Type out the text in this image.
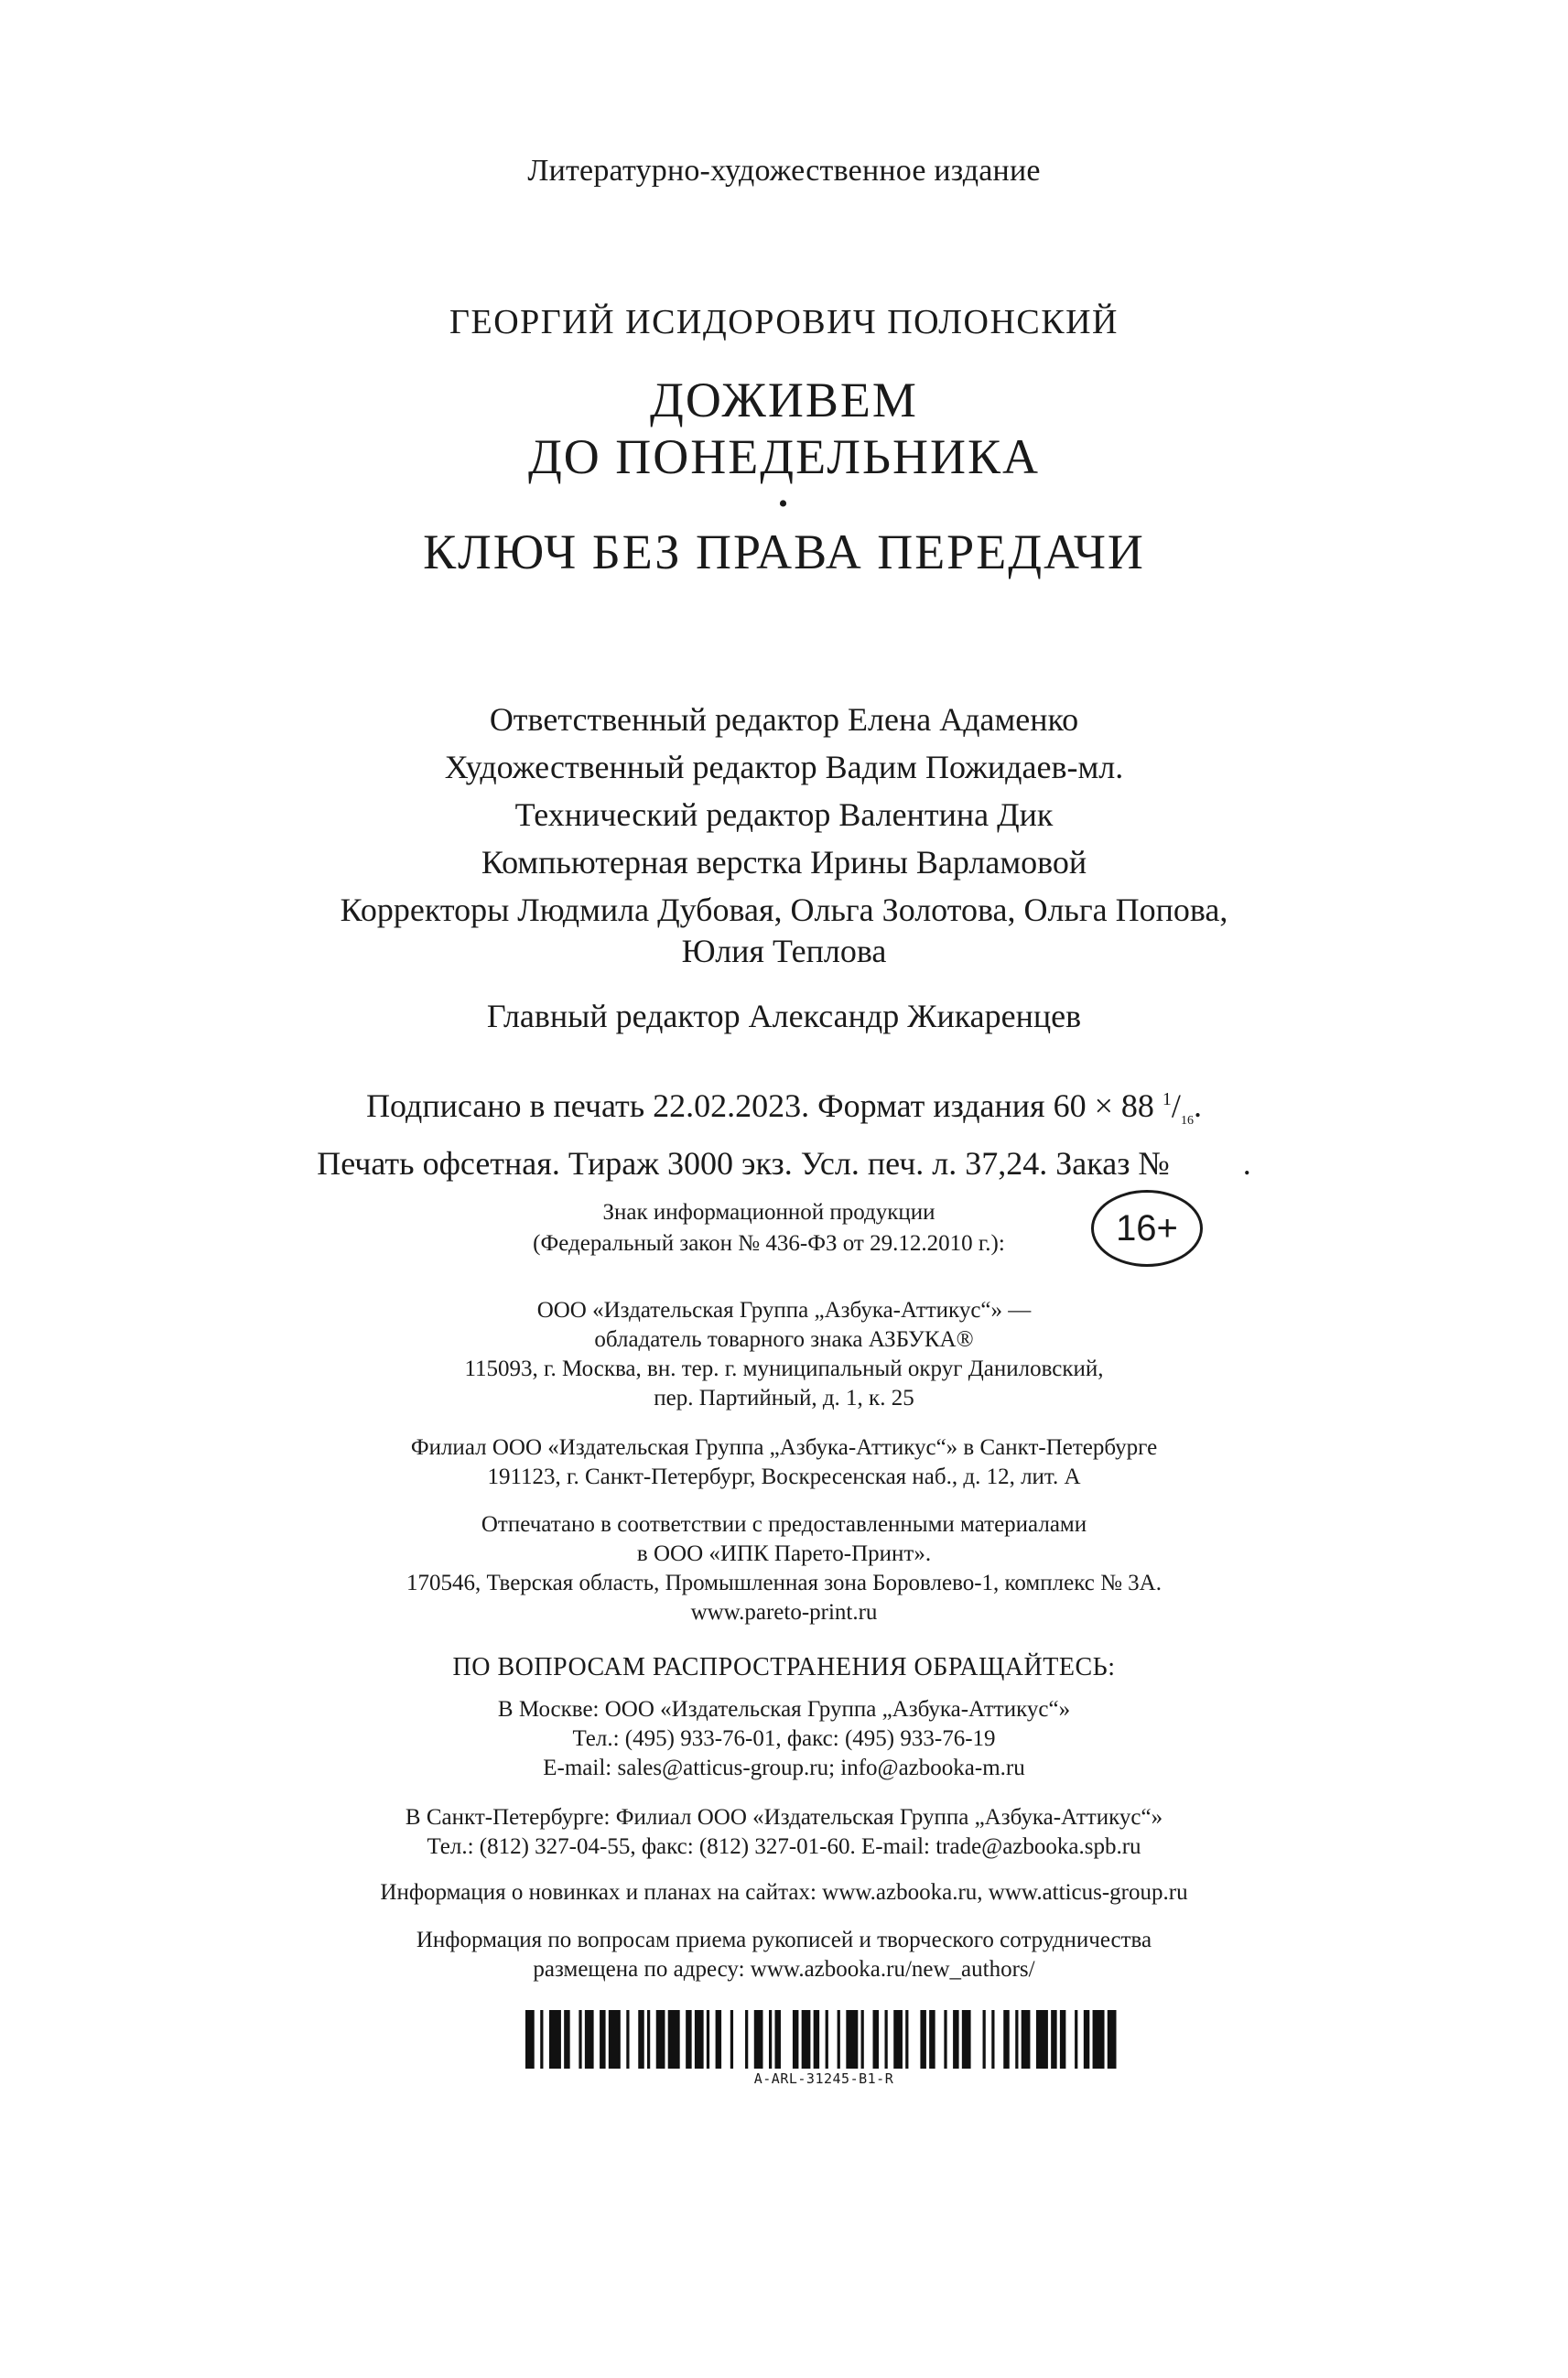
Литературно-художественное издание
ГЕОРГИЙ ИСИДОРОВИЧ ПОЛОНСКИЙ
ДОЖИВЕМ
ДО ПОНЕДЕЛЬНИКА
•
КЛЮЧ БЕЗ ПРАВА ПЕРЕДАЧИ
Ответственный редактор Елена Адаменко
Художественный редактор Вадим Пожидаев-мл.
Технический редактор Валентина Дик
Компьютерная верстка Ирины Варламовой
Корректоры Людмила Дубовая, Ольга Золотова, Ольга Попова,
Юлия Теплова
Главный редактор Александр Жикаренцев
Подписано в печать 22.02.2023. Формат издания 60 × 88 $^1/_{16}$.
Печать офсетная. Тираж 3000 экз. Усл. печ. л. 37,24. Заказ № .
Знак информационной продукции
(Федеральный закон № 436-ФЗ от 29.12.2010 г.):	16+
ООО «Издательская Группа „Азбука-Аттикус“» —
обладатель товарного знака АЗБУКА®
115093, г. Москва, вн. тер. г. муниципальный округ Даниловский,
пер. Партийный, д. 1, к. 25
Филиал ООО «Издательская Группа „Азбука-Аттикус“» в Санкт-Петербурге
191123, г. Санкт-Петербург, Воскресенская наб., д. 12, лит. А
Отпечатано в соответствии с предоставленными материалами
в ООО «ИПК Парето-Принт».
170546, Тверская область, Промышленная зона Боровлево-1, комплекс № 3А.
www.pareto-print.ru
ПО ВОПРОСАМ РАСПРОСТРАНЕНИЯ ОБРАЩАЙТЕСЬ:
В Москве: ООО «Издательская Группа „Азбука-Аттикус“»
Тел.: (495) 933-76-01, факс: (495) 933-76-19
E-mail: sales@atticus-group.ru; info@azbooka-m.ru
В Санкт-Петербурге: Филиал ООО «Издательская Группа „Азбука-Аттикус“»
Тел.: (812) 327-04-55, факс: (812) 327-01-60. E-mail: trade@azbooka.spb.ru
Информация о новинках и планах на сайтах: www.azbooka.ru, www.atticus-group.ru
Информация по вопросам приема рукописей и творческого сотрудничества
размещена по адресу: www.azbooka.ru/new_authors/
A-ARL-31245-B1-R
